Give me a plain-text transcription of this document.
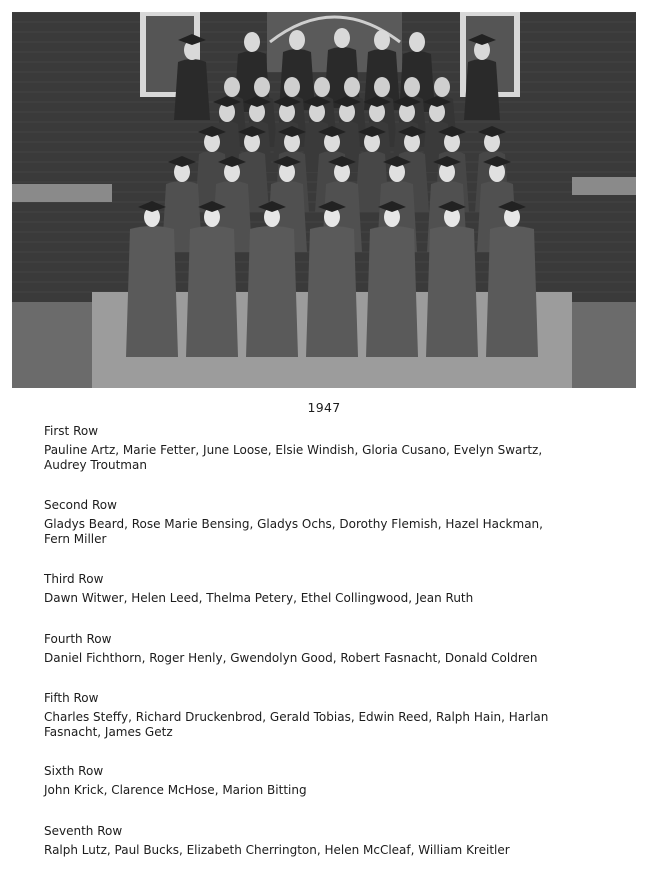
1947
First Row
Pauline Artz, Marie Fetter, June Loose, Elsie Windish, Gloria Cusano, Evelyn Swartz, Audrey Troutman
Second Row
Gladys Beard, Rose Marie Bensing, Gladys Ochs, Dorothy Flemish, Hazel Hackman, Fern Miller
Third Row
Dawn Witwer, Helen Leed, Thelma Petery, Ethel Collingwood, Jean Ruth
Fourth Row
Daniel Fichthorn, Roger Henly, Gwendolyn Good, Robert Fasnacht, Donald Coldren
Fifth Row
Charles Steffy, Richard Druckenbrod, Gerald Tobias, Edwin Reed, Ralph Hain, Harlan Fasnacht, James Getz
Sixth Row
John Krick, Clarence McHose, Marion Bitting
Seventh Row
Ralph Lutz, Paul Bucks, Elizabeth Cherrington, Helen McCleaf, William Kreitler
